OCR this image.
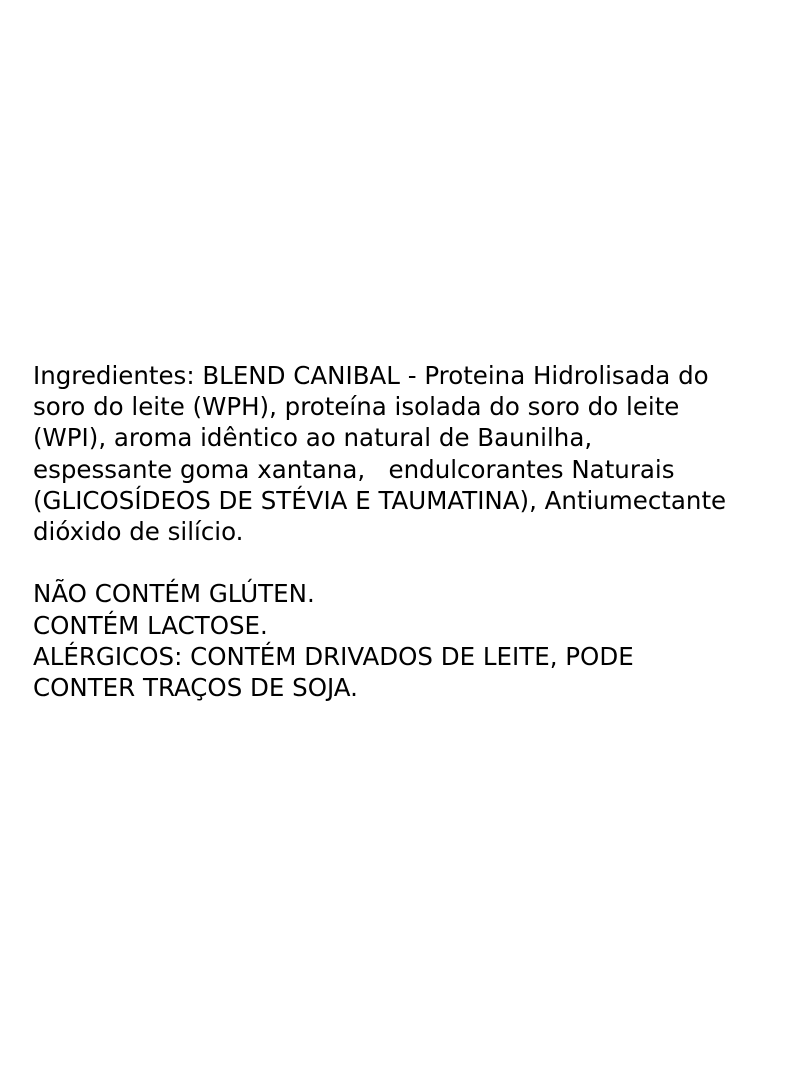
Ingredientes: BLEND CANIBAL - Proteina Hidrolisada do
soro do leite (WPH), proteína isolada do soro do leite
(WPI), aroma idêntico ao natural de Baunilha,
espessante goma xantana,   endulcorantes Naturais
(GLICOSÍDEOS DE STÉVIA E TAUMATINA), Antiumectante
dióxido de silício.
NÃO CONTÉM GLÚTEN.
CONTÉM LACTOSE.
ALÉRGICOS: CONTÉM DRIVADOS DE LEITE, PODE
CONTER TRAÇOS DE SOJA.
